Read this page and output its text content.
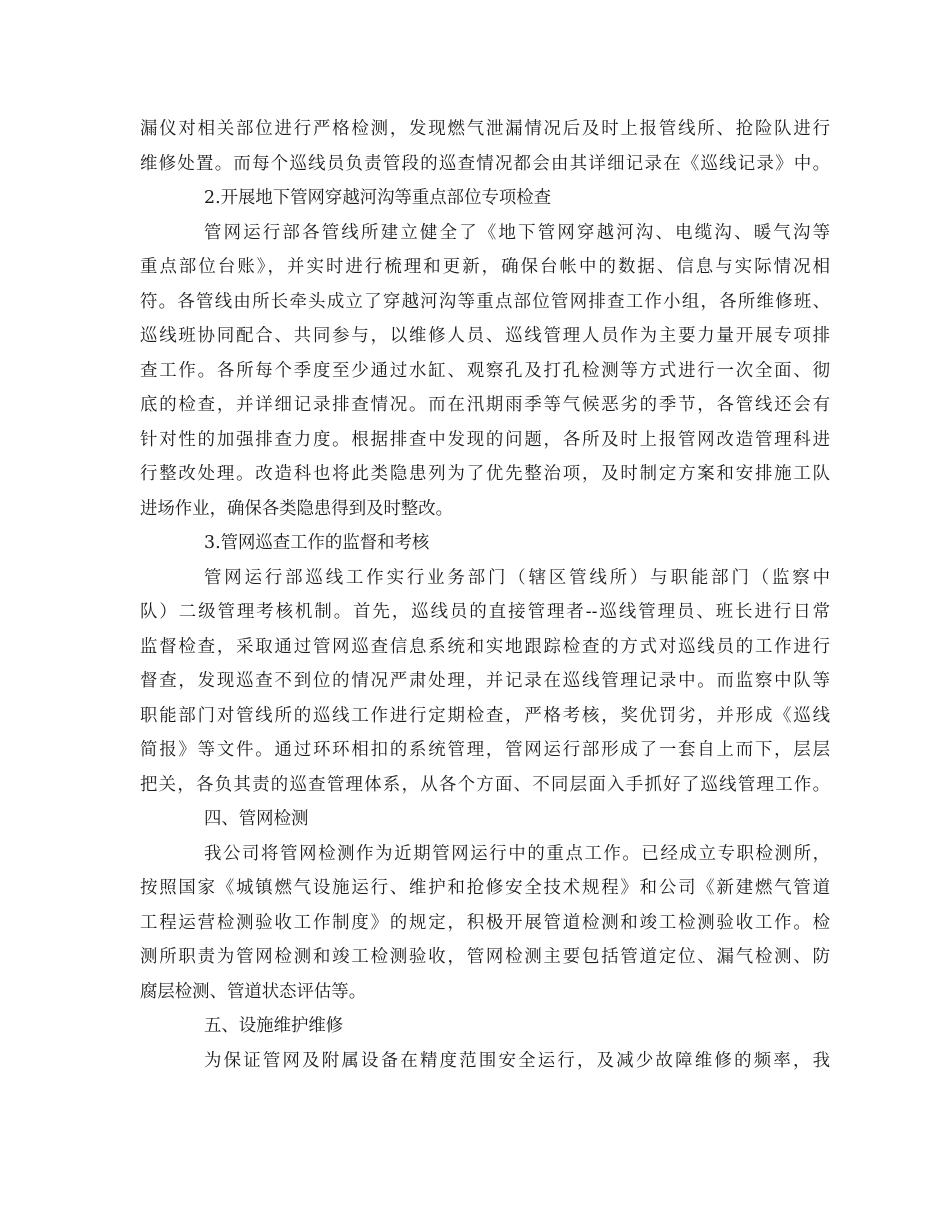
漏仪对相关部位进行严格检测，发现燃气泄漏情况后及时上报管线所、抢险队进行
维修处置。而每个巡线员负责管段的巡查情况都会由其详细记录在《巡线记录》中。
2.开展地下管网穿越河沟等重点部位专项检查
管网运行部各管线所建立健全了《地下管网穿越河沟、电缆沟、暖气沟等
重点部位台账》，并实时进行梳理和更新，确保台帐中的数据、信息与实际情况相
符。各管线由所长牵头成立了穿越河沟等重点部位管网排查工作小组，各所维修班、
巡线班协同配合、共同参与，以维修人员、巡线管理人员作为主要力量开展专项排
查工作。各所每个季度至少通过水缸、观察孔及打孔检测等方式进行一次全面、彻
底的检查，并详细记录排查情况。而在汛期雨季等气候恶劣的季节，各管线还会有
针对性的加强排查力度。根据排查中发现的问题，各所及时上报管网改造管理科进
行整改处理。改造科也将此类隐患列为了优先整治项，及时制定方案和安排施工队
进场作业，确保各类隐患得到及时整改。
3.管网巡查工作的监督和考核
管网运行部巡线工作实行业务部门（辖区管线所）与职能部门（监察中
队）二级管理考核机制。首先，巡线员的直接管理者--巡线管理员、班长进行日常
监督检查，采取通过管网巡查信息系统和实地跟踪检查的方式对巡线员的工作进行
督查，发现巡查不到位的情况严肃处理，并记录在巡线管理记录中。而监察中队等
职能部门对管线所的巡线工作进行定期检查，严格考核，奖优罚劣，并形成《巡线
简报》等文件。通过环环相扣的系统管理，管网运行部形成了一套自上而下，层层
把关，各负其责的巡查管理体系，从各个方面、不同层面入手抓好了巡线管理工作。
四、管网检测
我公司将管网检测作为近期管网运行中的重点工作。已经成立专职检测所，
按照国家《城镇燃气设施运行、维护和抢修安全技术规程》和公司《新建燃气管道
工程运营检测验收工作制度》的规定，积极开展管道检测和竣工检测验收工作。检
测所职责为管网检测和竣工检测验收，管网检测主要包括管道定位、漏气检测、防
腐层检测、管道状态评估等。
五、设施维护维修
为保证管网及附属设备在精度范围安全运行，及减少故障维修的频率，我
